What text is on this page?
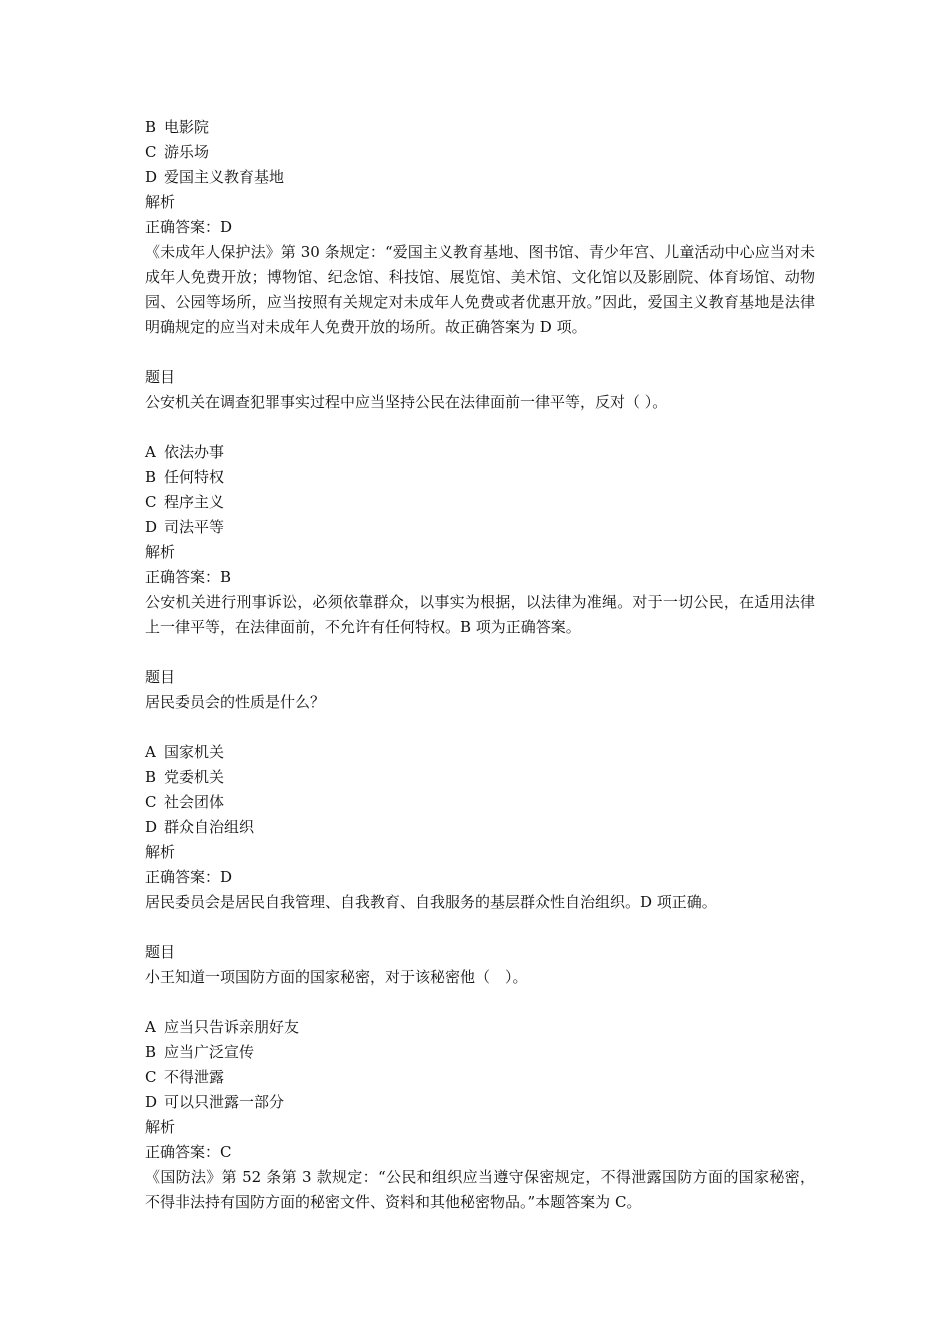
B 电影院
C 游乐场
D 爱国主义教育基地
解析
正确答案：D
《未成年人保护法》第 30 条规定：“爱国主义教育基地、图书馆、青少年宫、儿童活动中心应当对未成年人免费开放；博物馆、纪念馆、科技馆、展览馆、美术馆、文化馆以及影剧院、体育场馆、动物园、公园等场所，应当按照有关规定对未成年人免费或者优惠开放。”因此，爱国主义教育基地是法律明确规定的应当对未成年人免费开放的场所。故正确答案为 D 项。
题目
公安机关在调查犯罪事实过程中应当坚持公民在法律面前一律平等，反对（ ）。
A 依法办事
B 任何特权
C 程序主义
D 司法平等
解析
正确答案：B
公安机关进行刑事诉讼，必须依靠群众，以事实为根据，以法律为准绳。对于一切公民，在适用法律上一律平等，在法律面前，不允许有任何特权。B 项为正确答案。
题目
居民委员会的性质是什么？
A 国家机关
B 党委机关
C 社会团体
D 群众自治组织
解析
正确答案：D
居民委员会是居民自我管理、自我教育、自我服务的基层群众性自治组织。D 项正确。
题目
小王知道一项国防方面的国家秘密，对于该秘密他（　）。
A 应当只告诉亲朋好友
B 应当广泛宣传
C 不得泄露
D 可以只泄露一部分
解析
正确答案：C
《国防法》第 52 条第 3 款规定：“公民和组织应当遵守保密规定，不得泄露国防方面的国家秘密，不得非法持有国防方面的秘密文件、资料和其他秘密物品。”本题答案为 C。
